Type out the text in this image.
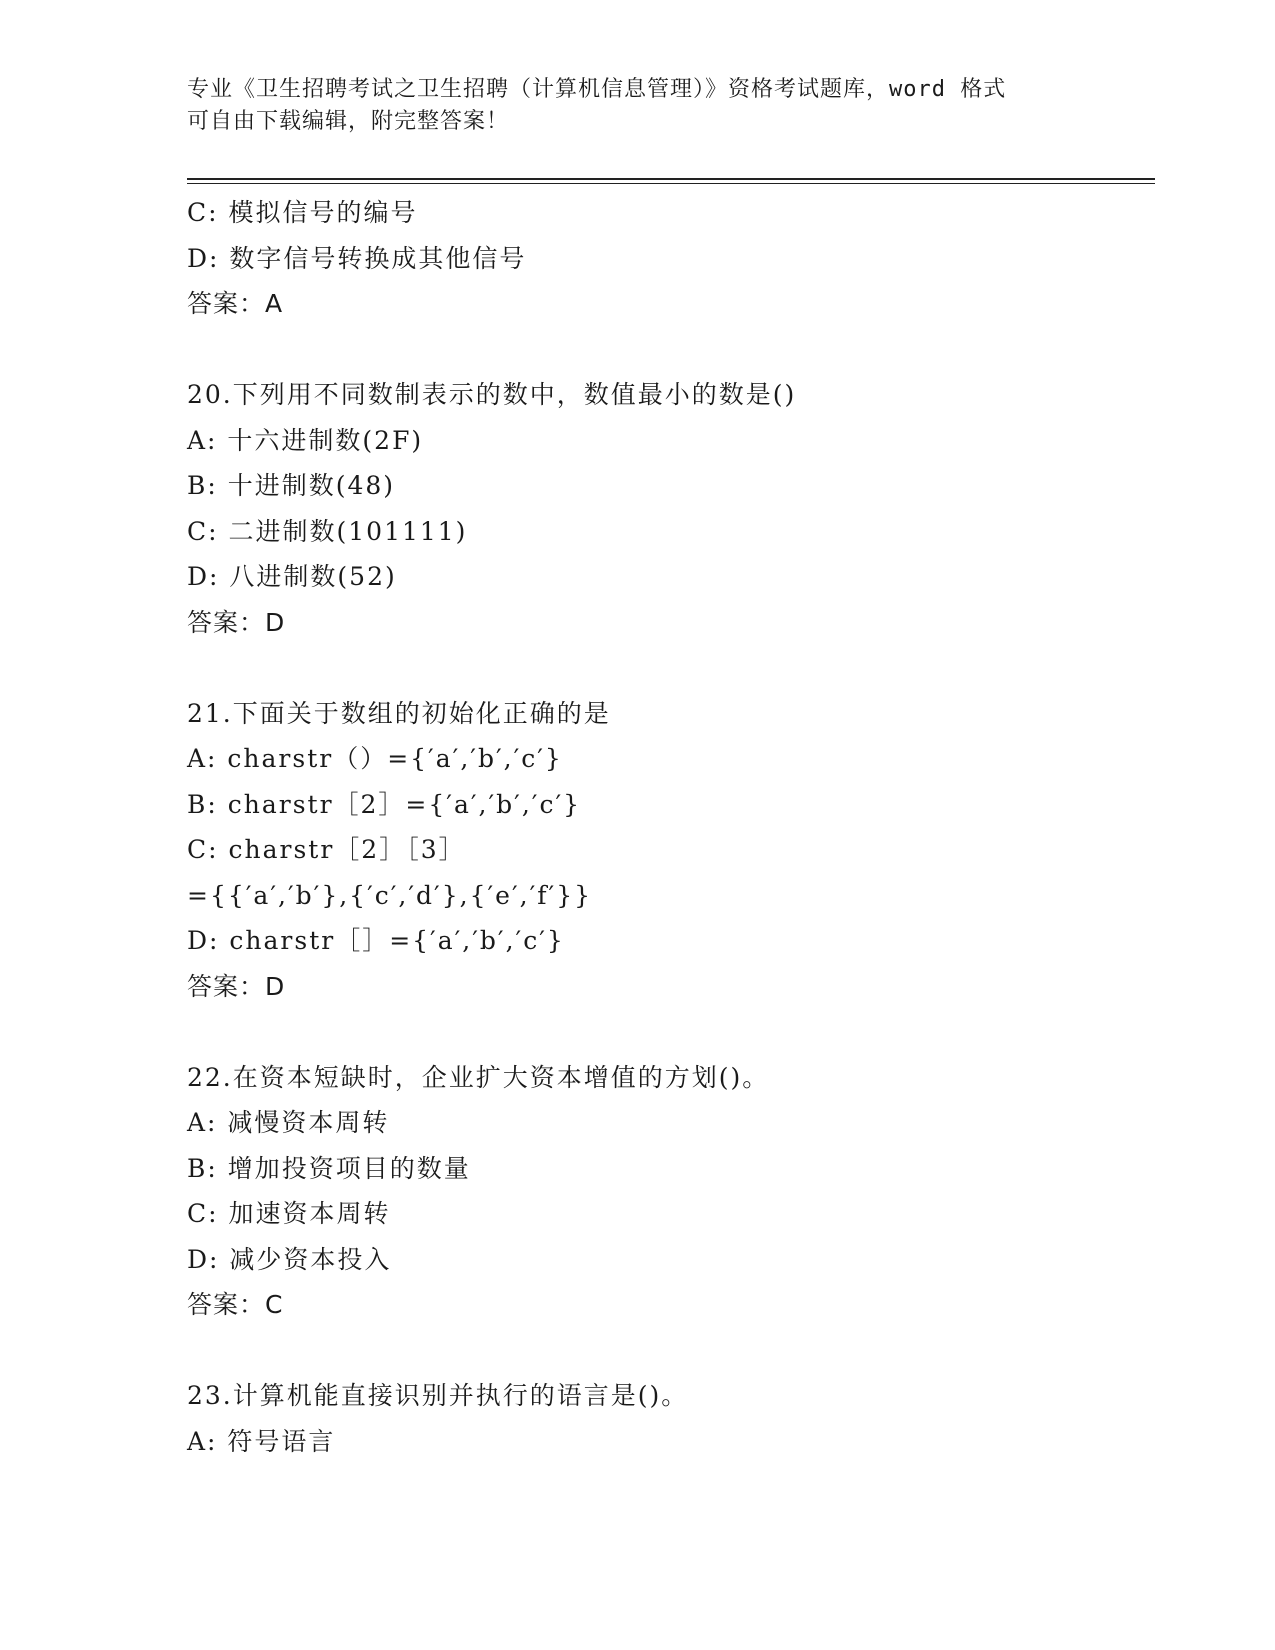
专业《卫生招聘考试之卫生招聘（计算机信息管理）》资格考试题库，word 格式
可自由下载编辑，附完整答案！
C: 模拟信号的编号
D: 数字信号转换成其他信号
答案：A
20.下列用不同数制表示的数中，数值最小的数是()
A: 十六进制数(2F)
B: 十进制数(48)
C: 二进制数(101111)
D: 八进制数(52)
答案：D
21.下面关于数组的初始化正确的是
A: charstr（）={′a′,′b′,′c′}
B: charstr［2］={′a′,′b′,′c′}
C: charstr［2］［3］
={{′a′,′b′},{′c′,′d′},{′e′,′f′}}
D: charstr［］={′a′,′b′,′c′}
答案：D
22.在资本短缺时，企业扩大资本增值的方划()。
A: 减慢资本周转
B: 增加投资项目的数量
C: 加速资本周转
D: 减少资本投入
答案：C
23.计算机能直接识别并执行的语言是()。
A: 符号语言
